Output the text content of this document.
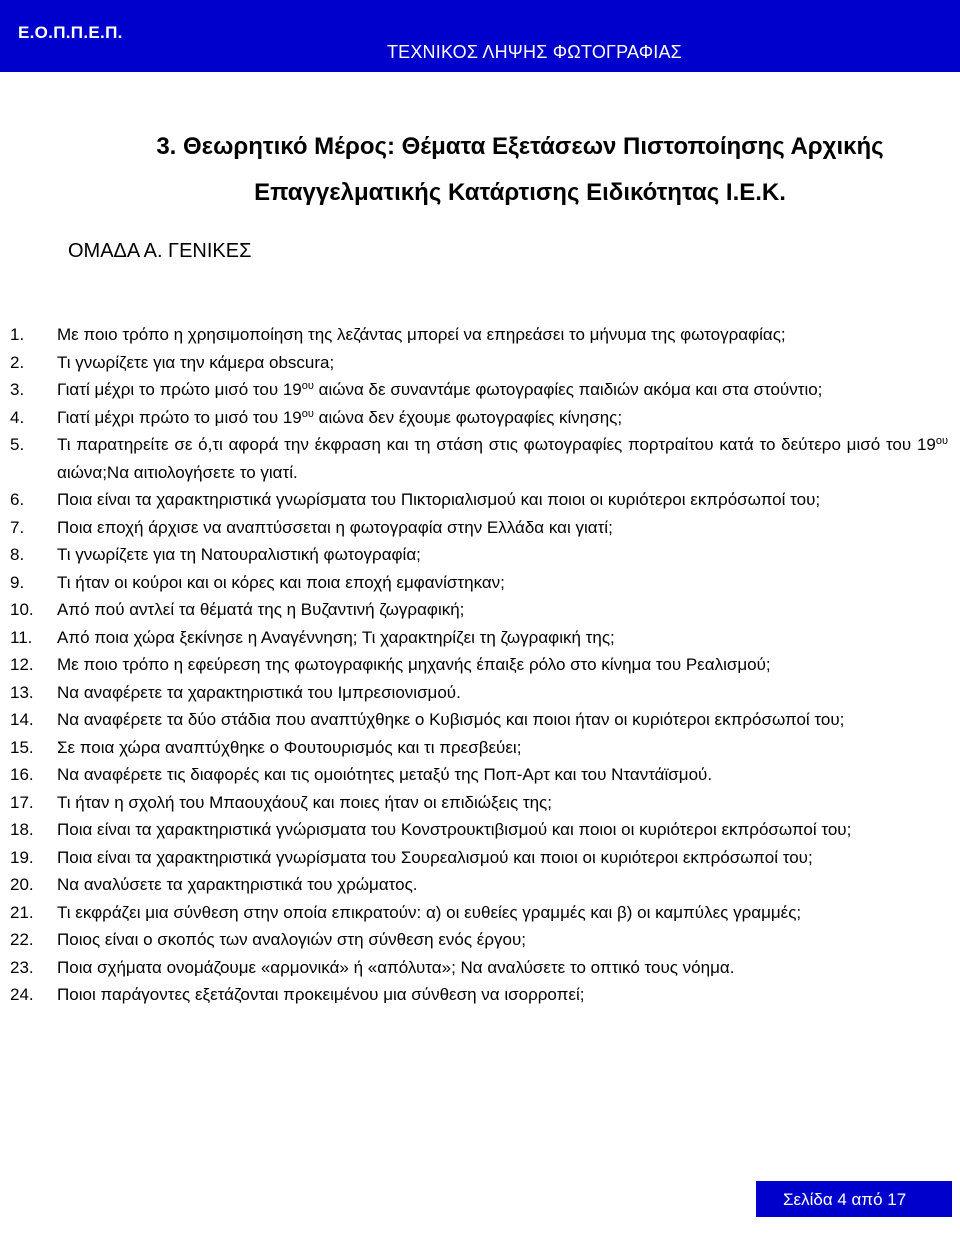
Ε.Ο.Π.Π.Ε.Π.
ΤΕΧΝΙΚΟΣ ΛΗΨΗΣ ΦΩΤΟΓΡΑΦΙΑΣ
3. Θεωρητικό Μέρος: Θέματα Εξετάσεων Πιστοποίησης Αρχικής
Επαγγελματικής Κατάρτισης Ειδικότητας Ι.Ε.Κ.
ΟΜΑΔΑ Α. ΓΕΝΙΚΕΣ
1. Με ποιο τρόπο η χρησιμοποίηση της λεζάντας μπορεί να επηρεάσει το μήνυμα της φωτογραφίας;
2. Τι γνωρίζετε για την κάμερα obscura;
3. Γιατί μέχρι το πρώτο μισό του $19^{o\upsilon}$ αιώνα δε συναντάμε φωτογραφίες παιδιών ακόμα και στα στούντιο;
4. Γιατί μέχρι πρώτο το μισό του $19^{o\upsilon}$ αιώνα δεν έχουμε φωτογραφίες κίνησης;
5. Τι παρατηρείτε σε ό,τι αφορά την έκφραση και τη στάση στις φωτογραφίες πορτραίτου κατά το δεύτερο μισό του $19^{o\upsilon}$ αιώνα;Να αιτιολογήσετε το γιατί.
6. Ποια είναι τα χαρακτηριστικά γνωρίσματα του Πικτοριαλισμού και ποιοι οι κυριότεροι εκπρόσωποί του;
7. Ποια εποχή άρχισε να αναπτύσσεται η φωτογραφία στην Ελλάδα και γιατί;
8. Τι γνωρίζετε για τη Νατουραλιστική φωτογραφία;
9. Τι ήταν οι κούροι και οι κόρες και ποια εποχή εμφανίστηκαν;
10. Από πού αντλεί τα θέματά της η Βυζαντινή ζωγραφική;
11. Από ποια χώρα ξεκίνησε η Αναγέννηση; Τι χαρακτηρίζει τη ζωγραφική της;
12. Με ποιο τρόπο η εφεύρεση της φωτογραφικής μηχανής έπαιξε ρόλο στο κίνημα του Ρεαλισμού;
13. Να αναφέρετε τα χαρακτηριστικά του Ιμπρεσιονισμού.
14. Να αναφέρετε τα δύο στάδια που αναπτύχθηκε ο Κυβισμός και ποιοι ήταν οι κυριότεροι εκπρόσωποί του;
15. Σε ποια χώρα αναπτύχθηκε ο Φουτουρισμός και τι πρεσβεύει;
16. Να αναφέρετε τις διαφορές και τις ομοιότητες μεταξύ της Ποπ-Αρτ και του Νταντάϊσμού.
17. Τι ήταν η σχολή του Μπαουχάουζ και ποιες ήταν οι επιδιώξεις της;
18. Ποια είναι τα χαρακτηριστικά γνώρισματα του Κονστρουκτιβισμού και ποιοι οι κυριότεροι εκπρόσωποί του;
19. Ποια είναι τα χαρακτηριστικά γνωρίσματα του Σουρεαλισμού και ποιοι οι κυριότεροι εκπρόσωποί του;
20. Να αναλύσετε τα χαρακτηριστικά του χρώματος.
21. Τι εκφράζει μια σύνθεση στην οποία επικρατούν: α) οι ευθείες γραμμές και β) οι καμπύλες γραμμές;
22. Ποιος είναι ο σκοπός των αναλογιών στη σύνθεση ενός έργου;
23. Ποια σχήματα ονομάζουμε «αρμονικά» ή «απόλυτα»; Να αναλύσετε το οπτικό τους νόημα.
24. Ποιοι παράγοντες εξετάζονται προκειμένου μια σύνθεση να ισορροπεί;
Σελίδα 4 από 17
